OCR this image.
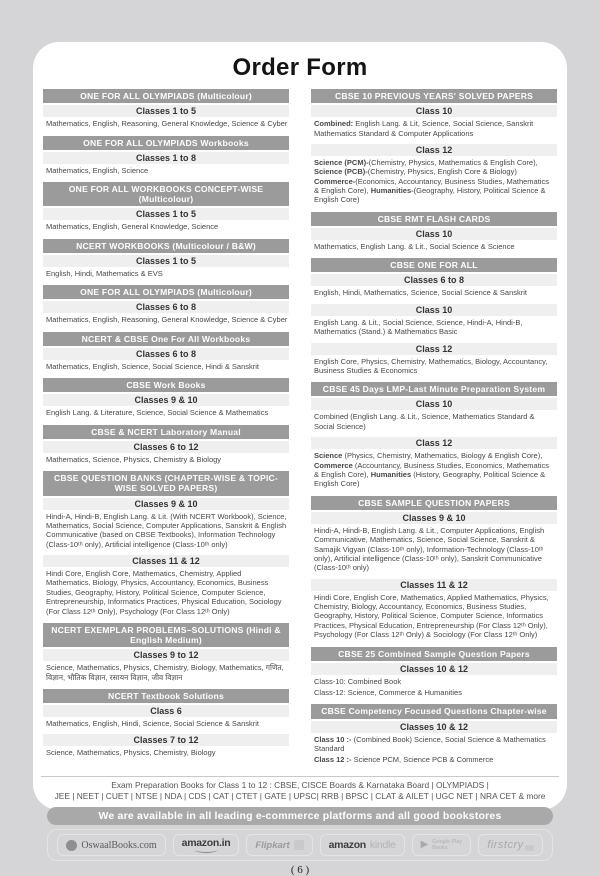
Order Form
ONE FOR ALL OLYMPIADS (Multicolour)
Classes 1 to 5

Mathematics, English, Reasoning, General Knowledge, Science & Cyber

ONE FOR ALL OLYMPIADS Workbooks
Classes 1 to 8

Mathematics, English, Science

ONE FOR ALL WORKBOOKS CONCEPT-WISE (Multicolour)
Classes 1 to 5

Mathematics, English, General Knowledge, Science

NCERT WORKBOOKS (Multicolour / B&W)
Classes 1 to 5

English, Hindi, Mathematics & EVS

ONE FOR ALL OLYMPIADS (Multicolour)
Classes 6 to 8

Mathematics, English, Reasoning, General Knowledge, Science & Cyber

NCERT & CBSE One For All Workbooks
Classes 6 to 8

Mathematics, English, Science, Social Science, Hindi & Sanskrit

CBSE Work Books
Classes 9 & 10

English Lang. & Literature, Science, Social Science & Mathematics

CBSE & NCERT Laboratory Manual
Classes 6 to 12

Mathematics, Science, Physics, Chemistry & Biology

CBSE QUESTION BANKS (CHAPTER-WISE & TOPIC-WISE SOLVED PAPERS)
Classes 9 & 10

Hindi-A, Hindi-B, English Lang. & Lit. (With NCERT Workbook), Science, Mathematics, Social Science, Computer Applications, Sanskrit & English Communicative (based on CBSE Textbooks), Information Technology (Class-10ᵗʰ only), Artificial intelligence (Class-10ᵗʰ only)

Classes 11 & 12

Hindi Core, English Core, Mathematics, Chemistry, Applied Mathematics, Biology, Physics, Accountancy, Economics, Business Studies, Geography, History, Political Science, Computer Science, Entrepreneurship, Informatics Practices, Physical Education, Sociology (For Class 12ᵗʰ Only), Psychology (For Class 12ᵗʰ Only)

NCERT EXEMPLAR PROBLEMS–SOLUTIONS (Hindi & English Medium)
Classes 9 to 12

Science, Mathematics, Physics, Chemistry, Biology, Mathematics, गणित, विज्ञान, भौतिक विज्ञान, रसायन विज्ञान, जीव विज्ञान

NCERT Textbook Solutions
Class 6

Mathematics, English, Hindi, Science, Social Science & Sanskrit

Classes 7 to 12

Science, Mathematics, Physics, Chemistry, Biology

CBSE 10 PREVIOUS YEARS' SOLVED PAPERS
Class 10

Combined: English Lang. & Lit, Science, Social Science, Sanskrit Mathematics Standard & Computer Applications

Class 12

Science (PCM)-(Chemistry, Physics, Mathematics & English Core), Science (PCB)-(Chemistry, Physics, English Core & Biology) Commerce-(Economics, Accountancy, Business Studies, Mathematics & English Core), Humanities-(Geography, History, Political Science & English Core)

CBSE RMT FLASH CARDS
Class 10

Mathematics, English Lang. & Lit., Social Science & Science

CBSE ONE FOR ALL
Classes 6 to 8

English, Hindi, Mathematics, Science, Social Science & Sanskrit

Class 10

English Lang. & Lit., Social Science, Science, Hindi-A, Hindi-B, Mathematics (Stand.) & Mathematics Basic

Class 12

English Core, Physics, Chemistry, Mathematics, Biology, Accountancy, Business Studies & Economics

CBSE 45 Days LMP-Last Minute Preparation System
Class 10

Combined (English Lang. & Lit., Science, Mathematics Standard & Social Science)

Class 12

Science (Physics, Chemistry, Mathematics, Biology & English Core), Commerce (Accountancy, Business Studies, Economics, Mathematics & English Core), Humanities (History, Geography, Political Science & English Core)

CBSE SAMPLE QUESTION PAPERS
Classes 9 & 10

Hindi-A, Hindi-B, English Lang. & Lit., Computer Applications, English Communicative, Mathematics, Science, Social Science, Sanskrit & Samajik Vigyan (Class-10ᵗʰ only), Information-Technology (Class-10ᵗʰ only), Artificial intelligence (Class-10ᵗʰ only), Sanskrit Communicative (Class-10ᵗʰ only)

Classes 11 & 12

Hindi Core, English Core, Mathematics, Applied Mathematics, Physics, Chemistry, Biology, Accountancy, Economics, Business Studies, Geography, History, Political Science, Computer Science, Informatics Practices, Physical Education, Entrepreneurship (For Class 12ᵗʰ Only), Psychology (For Class 12ᵗʰ Only) & Sociology (For Class 12ᵗʰ Only)

CBSE 25 Combined Sample Question Papers
Classes 10 & 12

Class-10: Combined Book

Class-12: Science, Commerce & Humanities

CBSE Competency Focused Questions Chapter-wise
Classes 10 & 12

Class 10 :- (Combined Book) Science, Social Science & Mathematics Standard

Class 12 :- Science PCM, Science PCB & Commerce

Exam Preparation Books for Class 1 to 12 : CBSE, CISCE Boards & Karnataka Board | OLYMPIADS |
JEE | NEET | CUET | NTSE | NDA | CDS | CAT | CTET | GATE | UPSC| RRB | BPSC | CLAT & AILET | UGC NET | NRA CET & more
We are available in all leading e-commerce platforms and all good bookstores
OswaalBooks.com amazon.in	Flipkart	amazon kindle	▶ Google Play
Books	firstcry
( 6 )
